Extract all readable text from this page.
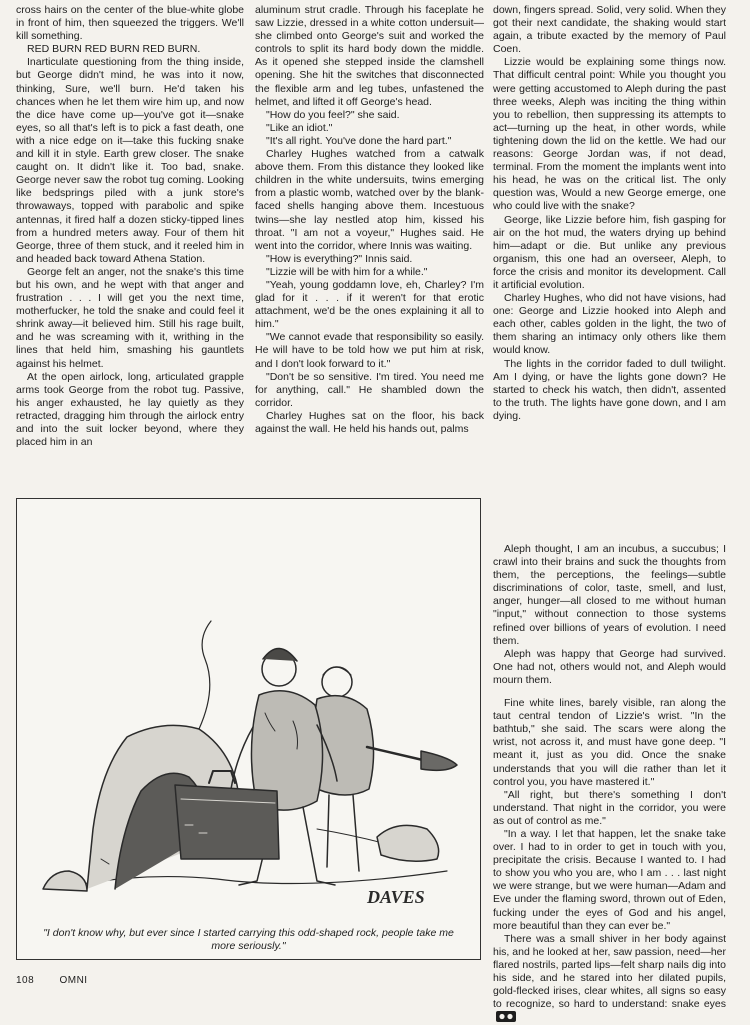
cross hairs on the center of the blue-white globe in front of him, then squeezed the triggers. We'll kill something.

RED BURN RED BURN RED BURN.

Inarticulate questioning from the thing inside, but George didn't mind, he was into it now, thinking, Sure, we'll burn. He'd taken his chances when he let them wire him up, and now the dice have come up—you've got it—snake eyes, so all that's left is to pick a fast death, one with a nice edge on it—take this fucking snake and kill it in style. Earth grew closer. The snake caught on. It didn't like it. Too bad, snake. George never saw the robot tug coming. Looking like bedsprings piled with a junk store's throwaways, topped with parabolic and spike antennas, it fired half a dozen sticky-tipped lines from a hundred meters away. Four of them hit George, three of them stuck, and it reeled him in and headed back toward Athena Station.

George felt an anger, not the snake's this time but his own, and he wept with that anger and frustration . . . I will get you the next time, motherfucker, he told the snake and could feel it shrink away—it believed him. Still his rage built, and he was screaming with it, writhing in the lines that held him, smashing his gauntlets against his helmet.

At the open airlock, long, articulated grapple arms took George from the robot tug. Passive, his anger exhausted, he lay quietly as they retracted, dragging him through the airlock entry and into the suit locker beyond, where they placed him in an

aluminum strut cradle. Through his faceplate he saw Lizzie, dressed in a white cotton undersuit—she climbed onto George's suit and worked the controls to split its hard body down the middle. As it opened she stepped inside the clamshell opening. She hit the switches that disconnected the flexible arm and leg tubes, unfastened the helmet, and lifted it off George's head.

"How do you feel?" she said.

"Like an idiot."

"It's all right. You've done the hard part."

Charley Hughes watched from a catwalk above them. From this distance they looked like children in the white undersuits, twins emerging from a plastic womb, watched over by the blank-faced shells hanging above them. Incestuous twins—she lay nestled atop him, kissed his throat. "I am not a voyeur," Hughes said. He went into the corridor, where Innis was waiting.

"How is everything?" Innis said.

"Lizzie will be with him for a while."

"Yeah, young goddamn love, eh, Charley? I'm glad for it . . . if it weren't for that erotic attachment, we'd be the ones explaining it all to him."

"We cannot evade that responsibility so easily. He will have to be told how we put him at risk, and I don't look forward to it."

"Don't be so sensitive. I'm tired. You need me for anything, call." He shambled down the corridor.

Charley Hughes sat on the floor, his back against the wall. He held his hands out, palms

down, fingers spread. Solid, very solid. When they got their next candidate, the shaking would start again, a tribute exacted by the memory of Paul Coen.

Lizzie would be explaining some things now. That difficult central point: While you thought you were getting accustomed to Aleph during the past three weeks, Aleph was inciting the thing within you to rebellion, then suppressing its attempts to act—turning up the heat, in other words, while tightening down the lid on the kettle. We had our reasons: George Jordan was, if not dead, terminal. From the moment the implants went into his head, he was on the critical list. The only question was, Would a new George emerge, one who could live with the snake?

George, like Lizzie before him, fish gasping for air on the hot mud, the waters drying up behind him—adapt or die. But unlike any previous organism, this one had an overseer, Aleph, to force the crisis and monitor its development. Call it artificial evolution.

Charley Hughes, who did not have visions, had one: George and Lizzie hooked into Aleph and each other, cables golden in the light, the two of them sharing an intimacy only others like them would know.

The lights in the corridor faded to dull twilight. Am I dying, or have the lights gone down? He started to check his watch, then didn't, assented to the truth. The lights have gone down, and I am dying.

Aleph thought, I am an incubus, a succubus; I crawl into their brains and suck the thoughts from them, the perceptions, the feelings—subtle discriminations of color, taste, smell, and lust, anger, hunger—all closed to me without human "input," without connection to those systems refined over billions of years of evolution. I need them.

Aleph was happy that George had survived. One had not, others would not, and Aleph would mourn them.

Fine white lines, barely visible, ran along the taut central tendon of Lizzie's wrist. "In the bathtub," she said. The scars were along the wrist, not across it, and must have gone deep. "I meant it, just as you did. Once the snake understands that you will die rather than let it control you, you have mastered it."

"All right, but there's something I don't understand. That night in the corridor, you were as out of control as me."

"In a way. I let that happen, let the snake take over. I had to in order to get in touch with you, precipitate the crisis. Because I wanted to. I had to show you who you are, who I am . . . last night we were strange, but we were human—Adam and Eve under the flaming sword, thrown out of Eden, fucking under the eyes of God and his angel, more beautiful than they can ever be."

There was a small shiver in her body against his, and he looked at her, saw passion, need—her flared nostrils, parted lips—felt sharp nails dig into his side, and he stared into her dilated pupils, gold-flecked irises, clear whites, all signs so easy to recognize, so hard to understand: snake eyes

DAVES
"I don't know why, but ever since I started carrying this odd-shaped rock, people take me more seriously."
108	OMNI
